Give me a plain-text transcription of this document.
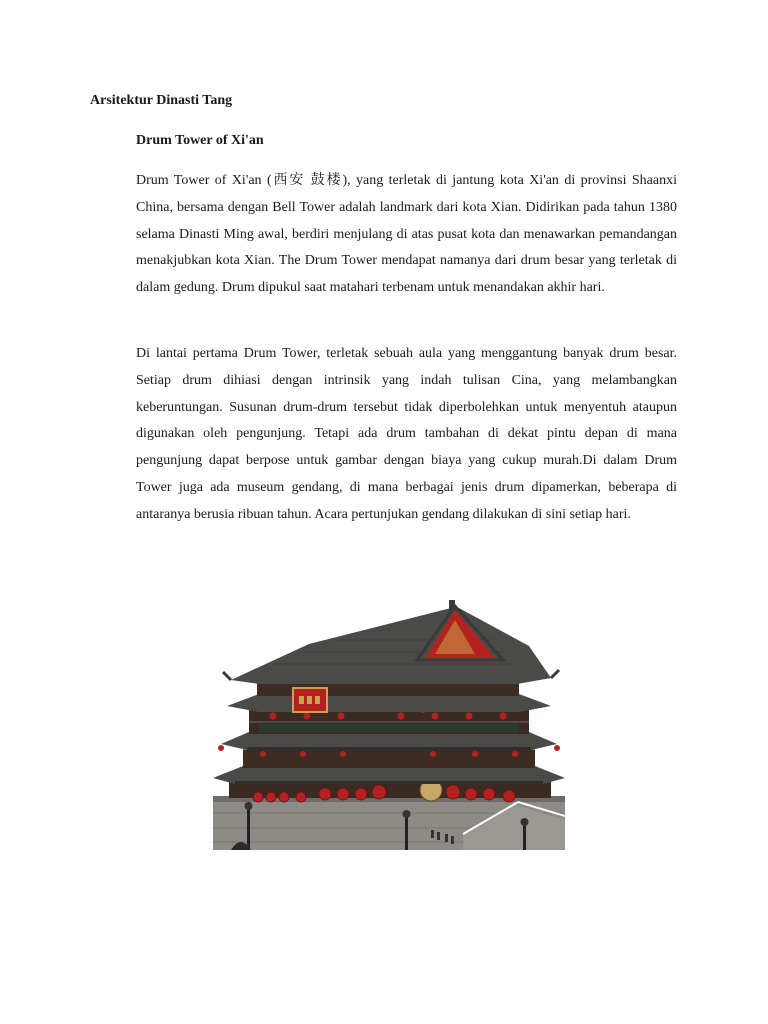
Arsitektur Dinasti Tang
Drum Tower of Xi'an

Drum Tower of Xi'an (西安 鼓楼), yang terletak di jantung kota Xi'an di provinsi Shaanxi China, bersama dengan Bell Tower adalah landmark dari kota Xian. Didirikan pada tahun 1380 selama Dinasti Ming awal, berdiri menjulang di atas pusat kota dan menawarkan pemandangan menakjubkan kota Xian. The Drum Tower mendapat namanya dari drum besar yang terletak di dalam gedung. Drum dipukul saat matahari terbenam untuk menandakan akhir hari.

Di lantai pertama Drum Tower, terletak sebuah aula yang menggantung banyak drum besar. Setiap drum dihiasi dengan intrinsik yang indah tulisan Cina, yang melambangkan keberuntungan. Susunan drum-drum tersebut tidak diperbolehkan untuk menyentuh ataupun digunakan oleh pengunjung. Tetapi ada drum tambahan di dekat pintu depan di mana pengunjung dapat berpose untuk gambar dengan biaya yang cukup murah.Di dalam Drum Tower juga ada museum gendang, di mana berbagai jenis drum dipamerkan, beberapa di antaranya berusia ribuan tahun. Acara pertunjukan gendang dilakukan di sini setiap hari.
